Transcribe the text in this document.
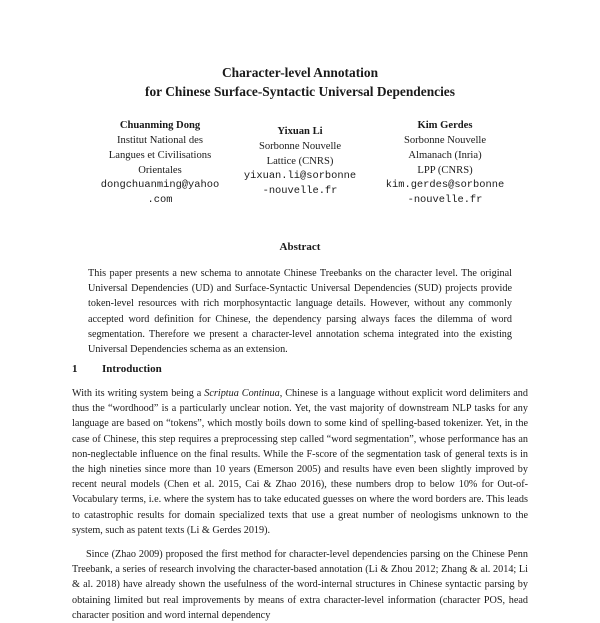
Character-level Annotation
for Chinese Surface-Syntactic Universal Dependencies
Chuanming Dong
Institut National des
Langues et Civilisations
Orientales
dongchuanming@yahoo
.com
Yixuan Li
Sorbonne Nouvelle
Lattice (CNRS)
yixuan.li@sorbonne
-nouvelle.fr
Kim Gerdes
Sorbonne Nouvelle
Almanach (Inria)
LPP (CNRS)
kim.gerdes@sorbonne
-nouvelle.fr
Abstract

This paper presents a new schema to annotate Chinese Treebanks on the character level. The original Universal Dependencies (UD) and Surface-Syntactic Universal Dependencies (SUD) projects provide token-level resources with rich morphosyntactic language details. However, without any commonly accepted word definition for Chinese, the dependency parsing always faces the dilemma of word segmentation. Therefore we present a character-level annotation schema integrated into the existing Universal Dependencies schema as an extension.

1 Introduction

With its writing system being a Scriptua Continua, Chinese is a language without explicit word delimiters and thus the “wordhood” is a particularly unclear notion. Yet, the vast majority of downstream NLP tasks for any language are based on “tokens”, which mostly boils down to some kind of spelling-based tokenizer. Yet, in the case of Chinese, this step requires a preprocessing step called “word segmentation”, whose performance has an non-neglectable influence on the final results. While the F-score of the segmentation task of general texts is in the high nineties since more than 10 years (Emerson 2005) and results have even been slightly improved by recent neural models (Chen et al. 2015, Cai & Zhao 2016), these numbers drop to below 10% for Out-of-Vocabulary terms, i.e. where the system has to take educated guesses on where the word borders are. This leads to catastrophic results for domain specialized texts that use a great number of neologisms unknown to the system, such as patent texts (Li & Gerdes 2019).

Since (Zhao 2009) proposed the first method for character-level dependencies parsing on the Chinese Penn Treebank, a series of research involving the character-based annotation (Li & Zhou 2012; Zhang & al. 2014; Li & al. 2018) have already shown the usefulness of the word-internal structures in Chinese syntactic parsing by obtaining limited but real improvements by means of extra character-level information (character POS, head character position and word internal dependency
